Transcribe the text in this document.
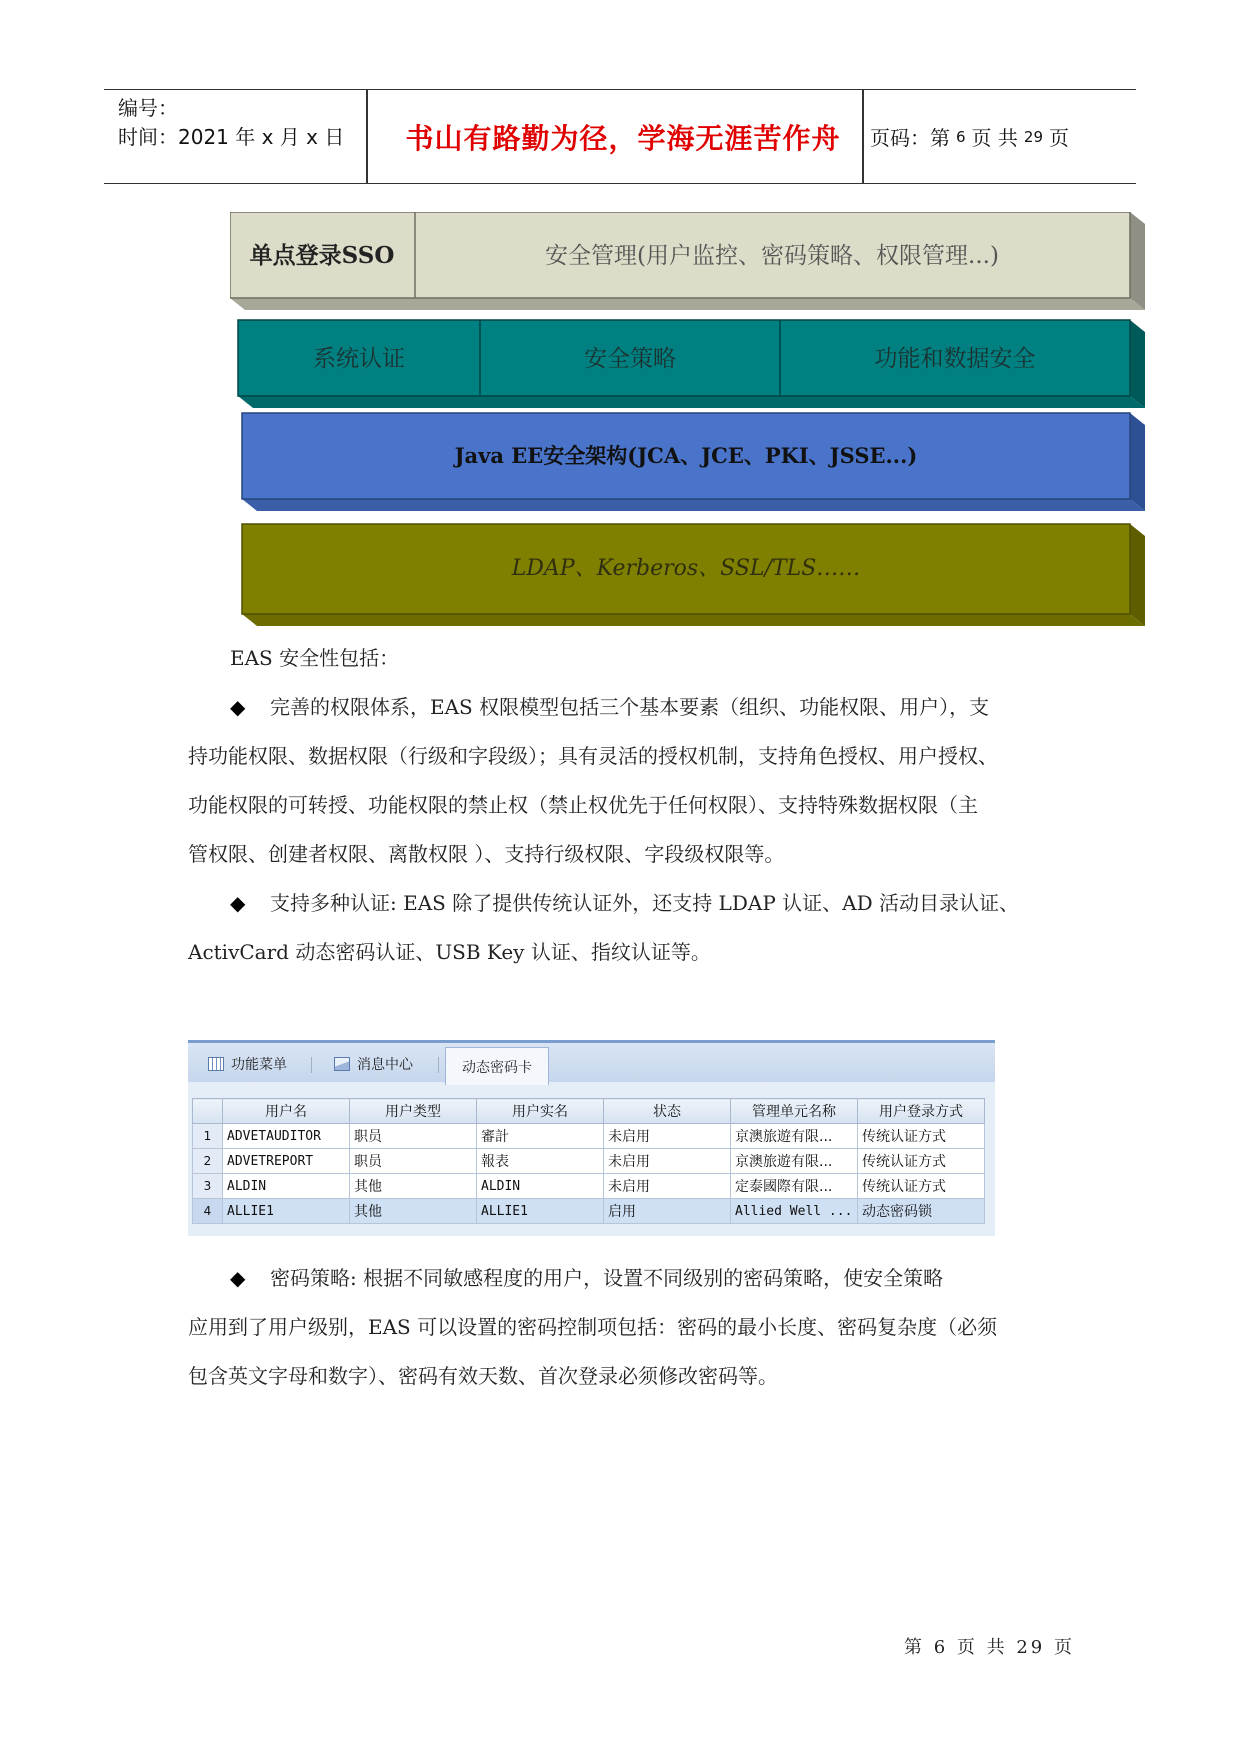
编号：
时间：2021 年 x 月 x 日	书山有路勤为径，学海无涯苦作舟	页码：第 6 页 共 29 页
单点登录SSO	安全管理(用户监控、密码策略、权限管理...)
系统认证	安全策略	功能和数据安全
Java EE安全架构(JCA、JCE、PKI、JSSE...)
LDAP、Kerberos、SSL/TLS……

EAS 安全性包括：

◆ 完善的权限体系，EAS 权限模型包括三个基本要素（组织、功能权限、用户），支

持功能权限、数据权限（行级和字段级）；具有灵活的授权机制，支持角色授权、用户授权、

功能权限的可转授、功能权限的禁止权（禁止权优先于任何权限）、支持特殊数据权限（主

管权限、创建者权限、离散权限 ）、支持行级权限、字段级权限等。

◆ 支持多种认证: EAS 除了提供传统认证外，还支持 LDAP 认证、AD 活动目录认证、

ActivCard 动态密码认证、USB Key 认证、指纹认证等。

功能菜单	消息中心	动态密码卡
	用户名	用户类型	用户实名	状态	管理单元名称	用户登录方式
1	ADVETAUDITOR	职员	審計	未启用	京澳旅遊有限...	传统认证方式
2	ADVETREPORT	职员	報表	未启用	京澳旅遊有限...	传统认证方式
3	ALDIN	其他	ALDIN	未启用	定泰國際有限...	传统认证方式
4	ALLIE1	其他	ALLIE1	启用	Allied Well ...	动态密码锁

◆ 密码策略: 根据不同敏感程度的用户，设置不同级别的密码策略，使安全策略

应用到了用户级别，EAS 可以设置的密码控制项包括：密码的最小长度、密码复杂度（必须

包含英文字母和数字）、密码有效天数、首次登录必须修改密码等。

第 6 页 共 29 页
